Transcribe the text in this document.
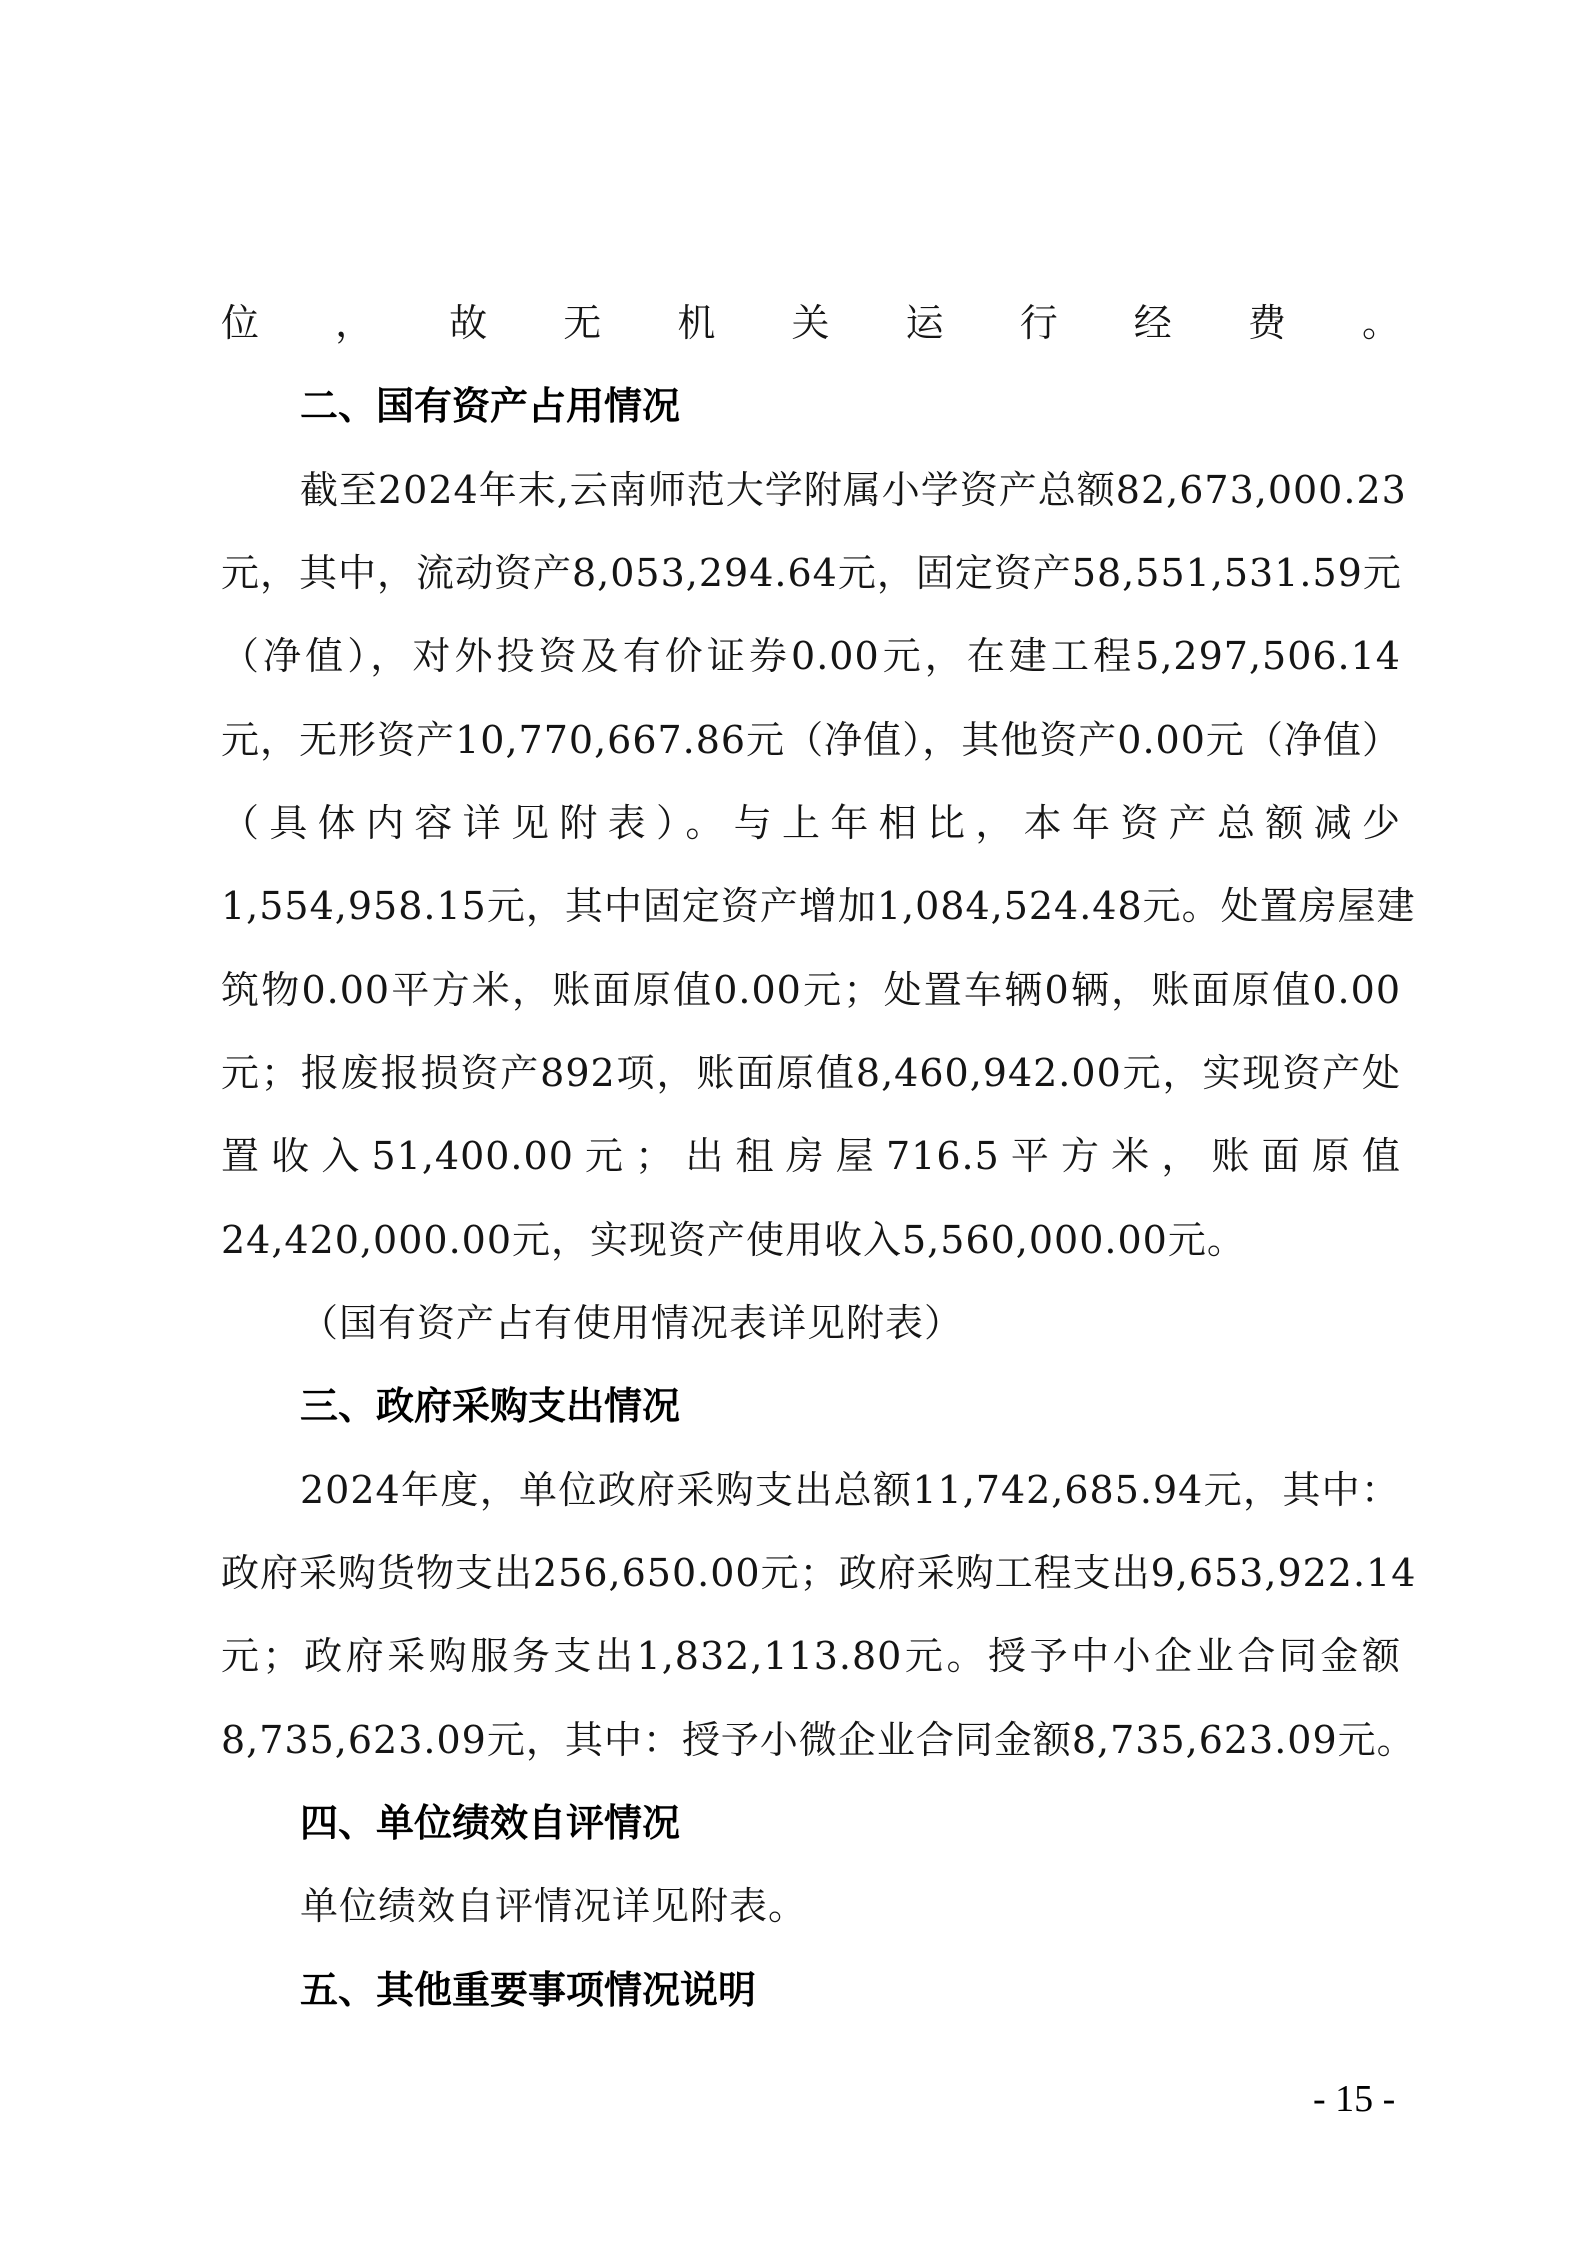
位，故无机关运行经费。
二、国有资产占用情况
截至2024年末,云南师范大学附属小学资产总额82,673,000.23
元，其中，流动资产8,053,294.64元，固定资产58,551,531.59元
（净值），对外投资及有价证券0.00元，在建工程5,297,506.14
元，无形资产10,770,667.86元（净值），其他资产0.00元（净值）
（具体内容详见附表）。与上年相比，本年资产总额减少
1,554,958.15元，其中固定资产增加1,084,524.48元。处置房屋建
筑物0.00平方米，账面原值0.00元；处置车辆0辆，账面原值0.00
元；报废报损资产892项，账面原值8,460,942.00元，实现资产处
置收入51,400.00元；出租房屋716.5平方米，账面原值
24,420,000.00元，实现资产使用收入5,560,000.00元。
（国有资产占有使用情况表详见附表）
三、政府采购支出情况
2024年度，单位政府采购支出总额11,742,685.94元，其中：
政府采购货物支出256,650.00元；政府采购工程支出9,653,922.14
元；政府采购服务支出1,832,113.80元。授予中小企业合同金额
8,735,623.09元，其中：授予小微企业合同金额8,735,623.09元。
四、单位绩效自评情况
单位绩效自评情况详见附表。
五、其他重要事项情况说明
- 15 -
